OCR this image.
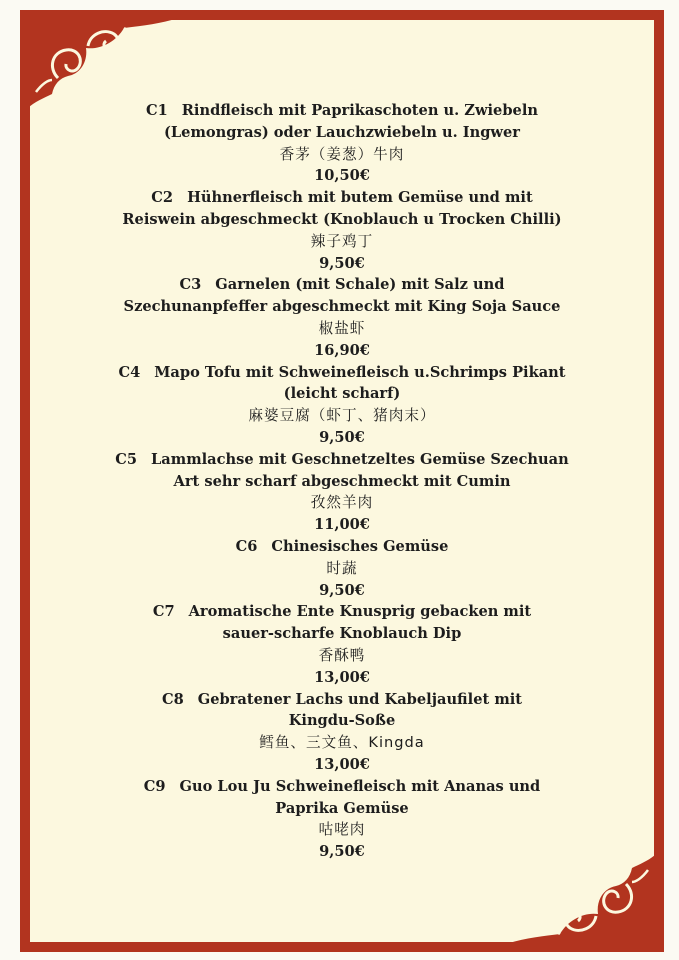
C1 Rindfleisch mit Paprikaschoten u. Zwiebeln
(Lemongras) oder Lauchzwiebeln u. Ingwer
香茅（姜葱）牛肉
10,50€
C2 Hühnerfleisch mit butem Gemüse und mit
Reiswein abgeschmeckt (Knoblauch u Trocken Chilli)
辣子鸡丁
9,50€
C3 Garnelen (mit Schale) mit Salz und
Szechunanpfeffer abgeschmeckt mit King Soja Sauce
椒盐虾
16,90€
C4 Mapo Tofu mit Schweinefleisch u.Schrimps Pikant
(leicht scharf)
麻婆豆腐（虾丁、猪肉末）
9,50€
C5 Lammlachse mit Geschnetzeltes Gemüse Szechuan
Art sehr scharf abgeschmeckt mit Cumin
孜然羊肉
11,00€
C6 Chinesisches Gemüse
时蔬
9,50€
C7 Aromatische Ente Knusprig gebacken mit
sauer-scharfe Knoblauch Dip
香酥鸭
13,00€
C8 Gebratener Lachs und Kabeljaufilet mit
Kingdu-Soße
鳕鱼、三文鱼、Kingda
13,00€
C9 Guo Lou Ju Schweinefleisch mit Ananas und
Paprika Gemüse
咕咾肉
9,50€
